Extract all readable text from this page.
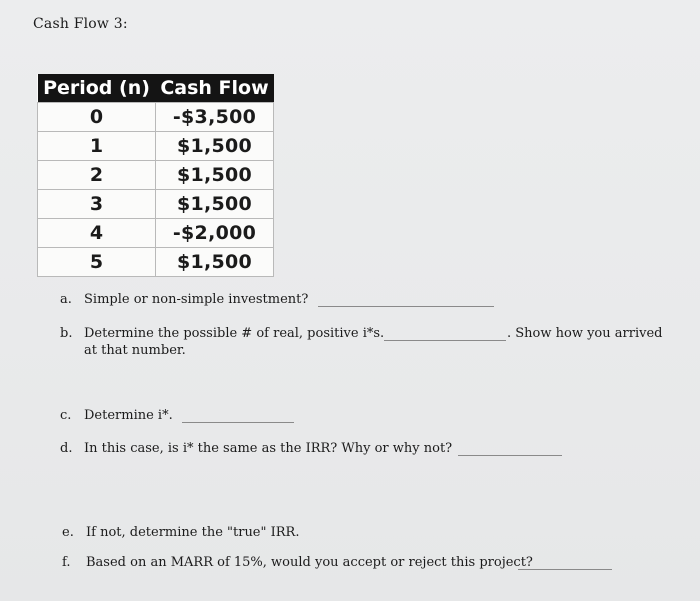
Cash Flow 3:
Period (n)	Cash Flow
0	-$3,500
1	$1,500
2	$1,500
3	$1,500
4	-$2,000
5	$1,500
a. Simple or non-simple investment?
b. Determine the possible # of real, positive i*s.	. Show how you arrived
at that number.
c. Determine i*.
d. In this case, is i* the same as the IRR? Why or why not?
e. If not, determine the "true" IRR.
f. Based on an MARR of 15%, would you accept or reject this project?
